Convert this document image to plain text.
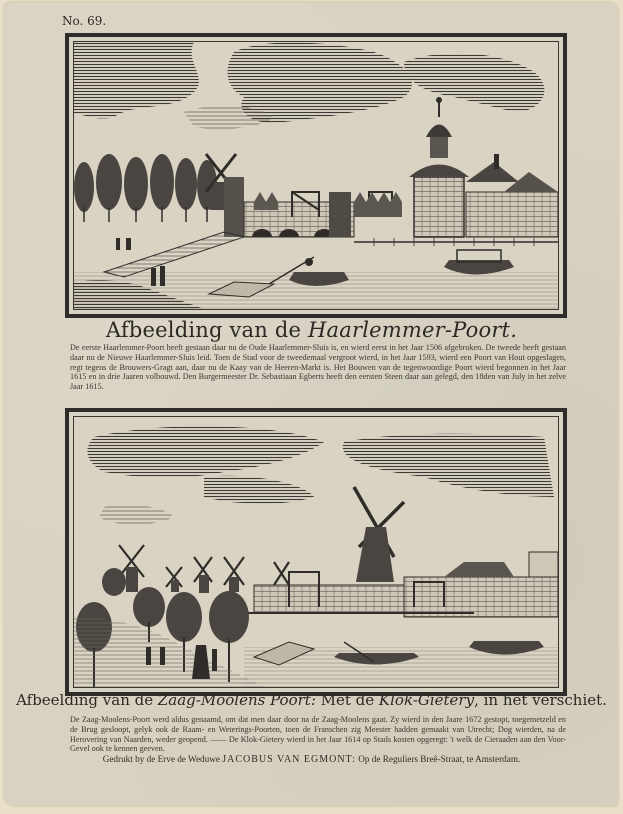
No. 69.
Afbeelding van de Haarlemmer-Poort.
De eerste Haarlemmer-Poort heeft gestaan daar nu de Oude Haarlemmer-Sluis is, en wierd eerst in het Jaar 1506 afgebroken. De tweede heeft gestaan daar nu de Nieuwe Haarlemmer-Sluis leid. Toen de Stad voor de tweedemaal vergroot wierd, in het Jaar 1593, wierd een Poort van Hout opgeslagen, regt tegens de Brouwers-Gragt aan, daar nu de Kaay van de Heeren-Markt is. Het Bouwen van de tegenwoordige Poort wierd begonnen in het Jaar 1615 en in drie Jaaren volbouwd. Den Burgermeester Dr. Sebastiaan Egberts heeft den eersten Steen daar aan gelegd, den 18den van July in het zelve Jaar 1615.
Afbeelding van de Zaag-Moolens Poort: Met de Klok-Gietery, in het verschiet.
De Zaag-Moolens-Poort werd aldus genaamd, om dat men daar door na de Zaag-Moolens gaat. Zy wierd in den Jaare 1672 gestopt, toegemetzeld en de Brug gesloopt, gelyk ook de Raam- en Weterings-Poorten, toen de Franschen zig Meester hadden gemaakt van Utrecht; Dog wierden, na de Herovering van Naarden, weder geopend. —— De Klok-Gietery wierd in het Jaar 1614 op Stads kosten opgeregt: 't welk de Cieraaden aan den Voor-Gevel ook te kennen geeven.
Gedrukt by de Erve de Weduwe JACOBUS VAN EGMONT: Op de Reguliers Breê-Straat, te Amsterdam.
